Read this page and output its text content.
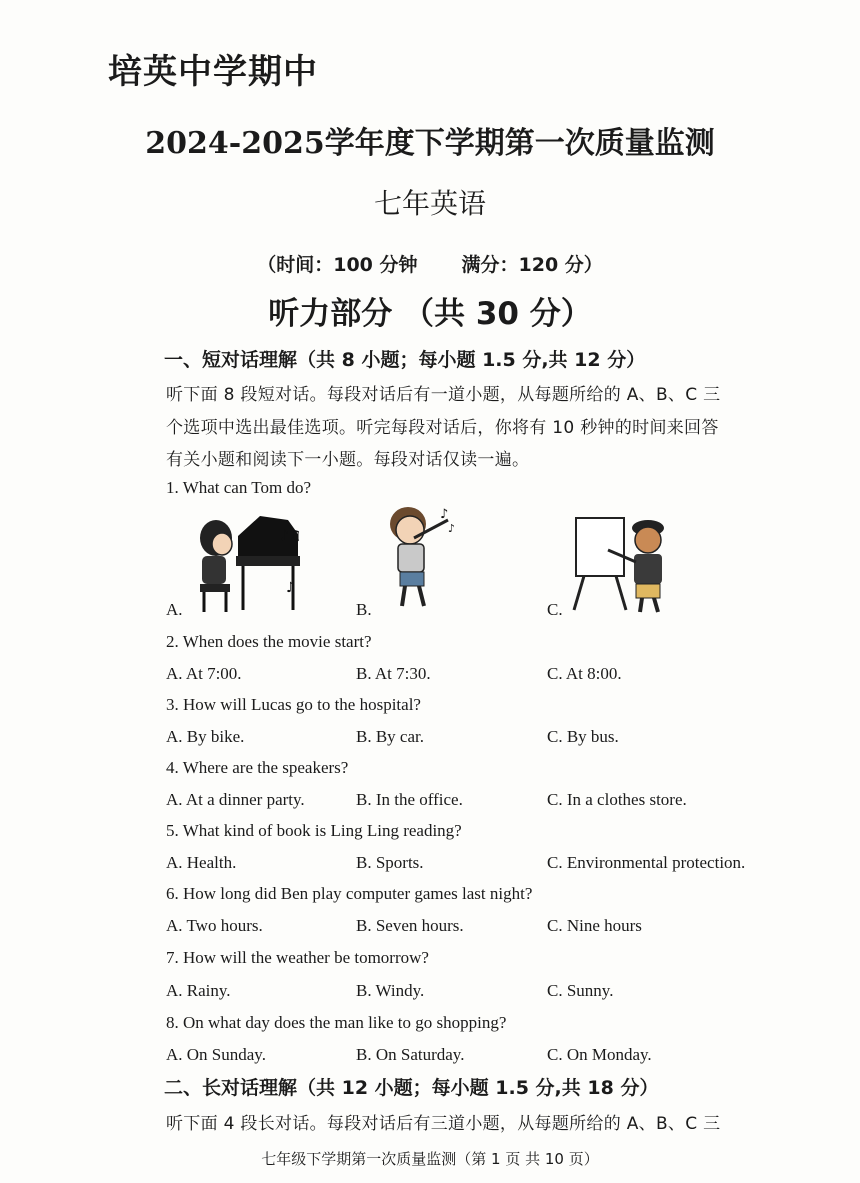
培英中学期中
2024-2025学年度下学期第一次质量监测
七年英语
（时间：100 分钟 满分：120 分）
听力部分 （共 30 分）
一、短对话理解（共 8 小题；每小题 1.5 分,共 12 分）
听下面 8 段短对话。每段对话后有一道小题，从每题所给的 A、B、C 三
个选项中选出最佳选项。听完每段对话后，你将有 10 秒钟的时间来回答
有关小题和阅读下一小题。每段对话仅读一遍。
1. What can Tom do?
♪♫
♪
A.
♪
♪
B.	C.
2. When does the movie start?
A. At 7:00.	B. At 7:30.	C. At 8:00.
3. How will Lucas go to the hospital?
A. By bike.	B. By car.	C. By bus.
4. Where are the speakers?
A. At a dinner party.	B. In the office.	C. In a clothes store.
5. What kind of book is Ling Ling reading?
A. Health.	B. Sports.	C. Environmental protection.
6. How long did Ben play computer games last night?
A. Two hours.	B. Seven hours.	C. Nine hours
7. How will the weather be tomorrow?
A. Rainy.	B. Windy.	C. Sunny.
8. On what day does the man like to go shopping?
A. On Sunday.	B. On Saturday.	C. On Monday.
二、长对话理解（共 12 小题；每小题 1.5 分,共 18 分）
听下面 4 段长对话。每段对话后有三道小题，从每题所给的 A、B、C 三
七年级下学期第一次质量监测（第 1 页 共 10 页）
